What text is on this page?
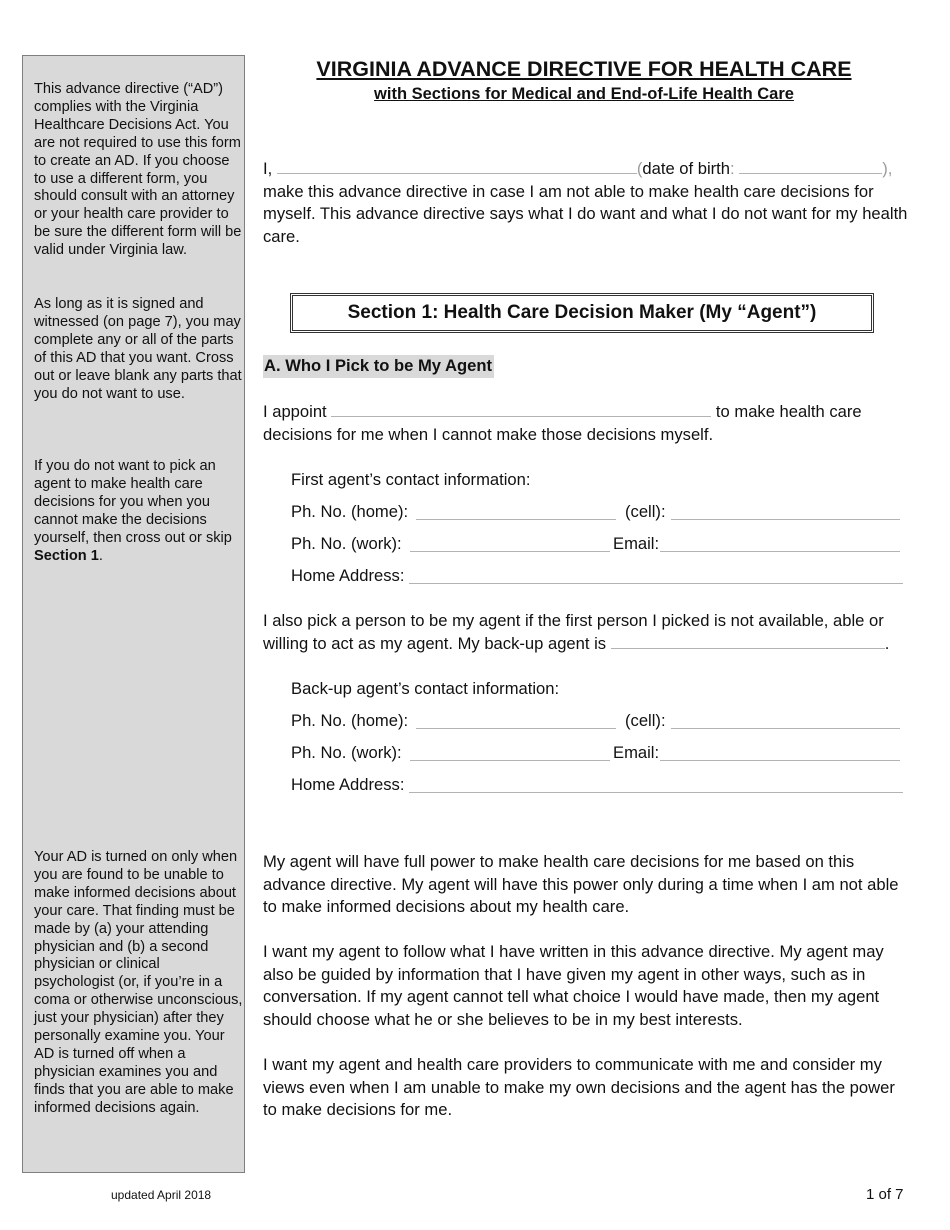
This advance directive (“AD”) complies with the Virginia Healthcare Decisions Act. You are not required to use this form to create an AD. If you choose to use a different form, you should consult with an attorney or your health care provider to be sure the different form will be valid under Virginia law.
As long as it is signed and witnessed (on page 7), you may complete any or all of the parts of this AD that you want. Cross out or leave blank any parts that you do not want to use.
If you do not want to pick an agent to make health care decisions for you when you cannot make the decisions yourself, then cross out or skip Section 1.
Your AD is turned on only when you are found to be unable to make informed decisions about your care. That finding must be made by (a) your attending physician and (b) a second physician or clinical psychologist (or, if you’re in a coma or otherwise unconscious, just your physician) after they personally examine you. Your AD is turned off when a physician examines you and finds that you are able to make informed decisions again.
VIRGINIA ADVANCE DIRECTIVE FOR HEALTH CARE
with Sections for Medical and End-of-Life Health Care
I,	(date of birth:	),
make this advance directive in case I am not able to make health care decisions for myself. This advance directive says what I do want and what I do not want for my health care.
Section 1: Health Care Decision Maker (My “Agent”)
A. Who I Pick to be My Agent
I appoint	to make health care
decisions for me when I cannot make those decisions myself.
First agent’s contact information:
Ph. No. (home):	(cell):
Ph. No. (work):	Email:
Home Address:
I also pick a person to be my agent if the first person I picked is not available, able or willing to act as my agent. My back-up agent is	.
Back-up agent’s contact information:
Ph. No. (home):	(cell):
Ph. No. (work):	Email:
Home Address:
My agent will have full power to make health care decisions for me based on this advance directive. My agent will have this power only during a time when I am not able to make informed decisions about my health care.
I want my agent to follow what I have written in this advance directive. My agent may also be guided by information that I have given my agent in other ways, such as in conversation. If my agent cannot tell what choice I would have made, then my agent should choose what he or she believes to be in my best interests.
I want my agent and health care providers to communicate with me and consider my views even when I am unable to make my own decisions and the agent has the power to make decisions for me.
updated April 2018	1 of 7
